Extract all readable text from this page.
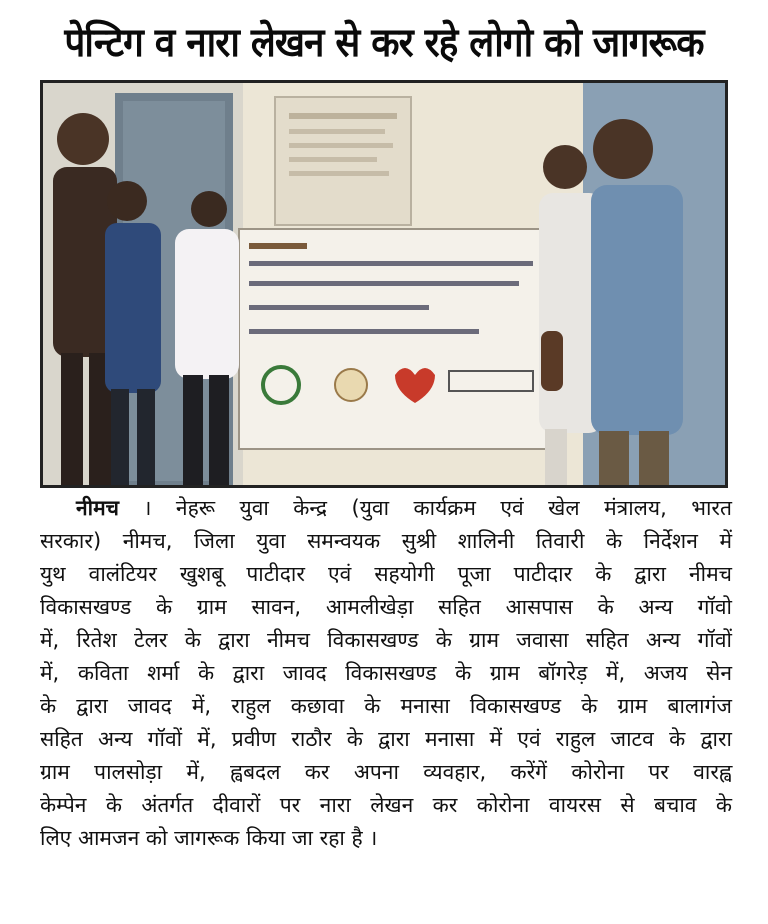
पेन्टिग व नारा लेखन से कर रहे लोगो को जागरूक
नीमच । नेहरू युवा केन्द्र (युवा कार्यक्रम एवं खेल मंत्रालय, भारत
सरकार) नीमच, जिला युवा समन्वयक सुश्री शालिनी तिवारी के निर्देशन में
युथ वालंटियर खुशबू पाटीदार एवं सहयोगी पूजा पाटीदार के द्वारा नीमच
विकासखण्ड के ग्राम सावन, आमलीखेड़ा सहित आसपास के अन्य गॉवो
में, रितेश टेलर के द्वारा नीमच विकासखण्ड के ग्राम जवासा सहित अन्य गॉवों
में, कविता शर्मा के द्वारा जावद विकासखण्ड के ग्राम बॉगरेड़ में, अजय सेन
के द्वारा जावद में, राहुल कछावा के मनासा विकासखण्ड के ग्राम बालागंज
सहित अन्य गॉवों में, प्रवीण राठौर के द्वारा मनासा में एवं राहुल जाटव के द्वारा
ग्राम पालसोड़ा में, ह्वबदल कर अपना व्यवहार, करेंगें कोरोना पर वारह्व
केम्पेन के अंतर्गत दीवारों पर नारा लेखन कर कोरोना वायरस से बचाव के
लिए आमजन को जागरूक किया जा रहा है ।
